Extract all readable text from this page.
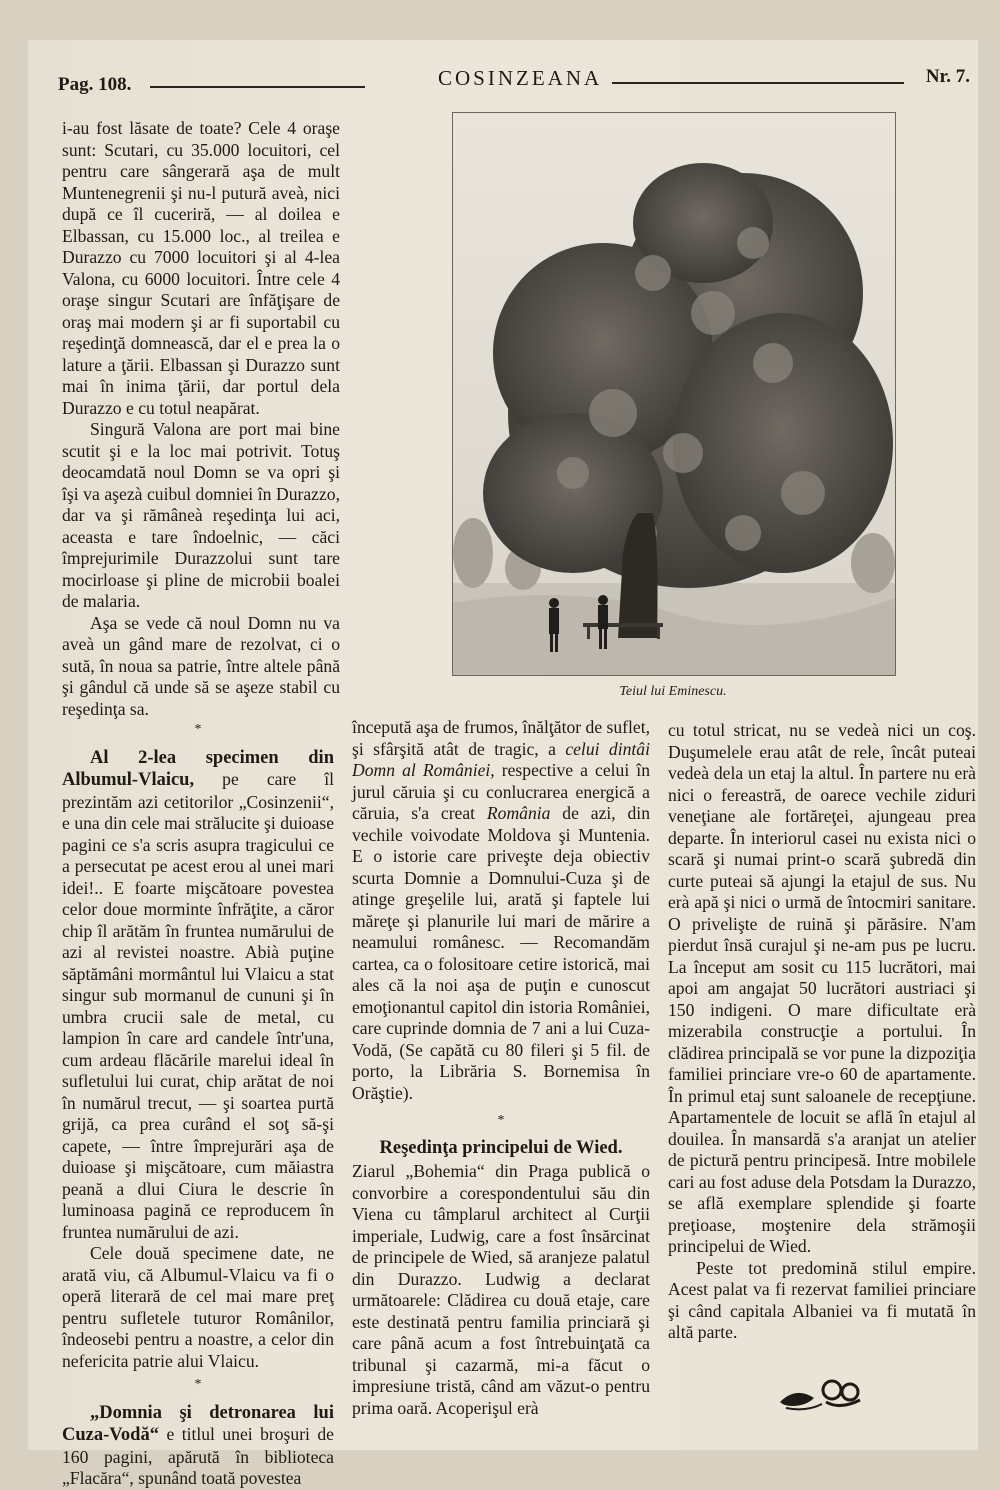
Pag. 108.	COSINZEANA	Nr. 7.

i-au fost lăsate de toate? Cele 4 oraşe sunt: Scutari, cu 35.000 locuitori, cel pentru care sângerară aşa de mult Muntenegrenii şi nu-l putură aveà, nici după ce îl cuceriră, — al doilea e Elbassan, cu 15.000 loc., al treilea e Durazzo cu 7000 locuitori şi al 4-lea Valona, cu 6000 locuitori. Între cele 4 oraşe singur Scutari are înfăţişare de oraş mai modern şi ar fi suportabil cu reşedinţă domnească, dar el e prea la o lature a ţării. Elbassan şi Durazzo sunt mai în inima ţării, dar portul dela Durazzo e cu totul neapărat.

Singură Valona are port mai bine scutit şi e la loc mai potrivit. Totuş deocamdată noul Domn se va opri şi îşi va aşezà cuibul domniei în Durazzo, dar va şi rămâneà reşedinţa lui aci, aceasta e tare îndoelnic, — căci împrejurimile Durazzolui sunt tare mocirloase şi pline de microbii boalei de malaria.

Aşa se vede că noul Domn nu va aveà un gând mare de rezolvat, ci o sută, în noua sa patrie, între altele până şi gândul că unde să se aşeze stabil cu reşedinţa sa.

Teiul lui Eminescu.
*

Al 2-lea specimen din Albumul-Vlaicu, pe care îl prezintăm azi cetitorilor „Cosinzenii“, e una din cele mai strălucite şi duioase pagini ce s'a scris asupra tragicului ce a persecutat pe acest erou al unei mari idei!.. E foarte mişcătoare povestea celor doue morminte înfrăţite, a căror chip îl arătăm în fruntea numărului de azi al revistei noastre. Abià puţine săptămâni mormântul lui Vlaicu a stat singur sub mormanul de cununi şi în umbra crucii sale de metal, cu lampion în care ard candele într'una, cum ardeau flăcările marelui ideal în sufletului lui curat, chip arătat de noi în numărul trecut, — şi soartea purtă grijă, ca prea curând el soţ să-şi capete, — între împrejurări aşa de duioase şi mişcătoare, cum măiastra peană a dlui Ciura le descrie în luminoasa pagină ce reproducem în fruntea numărului de azi.

Cele două specimene date, ne arată viu, că Albumul-Vlaicu va fi o operă literară de cel mai mare preţ pentru sufletele tuturor Românilor, îndeosebi pentru a noastre, a celor din nefericita patrie alui Vlaicu.

*

„Domnia şi detronarea lui Cuza-Vodă“ e titlul unei broşuri de 160 pagini, apărută în biblioteca „Flacăra“, spunând toată povestea

începută aşa de frumos, înălţător de suflet, şi sfârşită atât de tragic, a celui dintâi Domn al României, respective a celui în jurul căruia şi cu conlucrarea energică a căruia, s'a creat România de azi, din vechile voivodate Moldova şi Muntenia. E o istorie care priveşte deja obiectiv scurta Domnie a Domnului-Cuza şi de atinge greşelile lui, arată şi faptele lui măreţe şi planurile lui mari de mărire a neamului românesc. — Recomandăm cartea, ca o folositoare cetire istorică, mai ales că la noi aşa de puţin e cunoscut emoţionantul capitol din istoria României, care cuprinde domnia de 7 ani a lui Cuza-Vodă, (Se capătă cu 80 fileri şi 5 fil. de porto, la Librăria S. Bornemisa în Orăştie).

*
Reşedinţa principelui de Wied.

Ziarul „Bohemia“ din Praga publică o convorbire a corespondentului său din Viena cu tâmplarul architect al Curţii imperiale, Ludwig, care a fost însărcinat de principele de Wied, să aranjeze palatul din Durazzo. Ludwig a declarat următoarele: Clădirea cu două etaje, care este destinată pentru familia princiară şi care până acum a fost întrebuinţată ca tribunal şi cazarmă, mi-a făcut o impresiune tristă, când am văzut-o pentru prima oară. Acoperişul erà

cu totul stricat, nu se vedeà nici un coş. Duşumelele erau atât de rele, încât puteai vedeà dela un etaj la altul. În partere nu erà nici o fereastră, de oarece vechile ziduri veneţiane ale fortăreţei, ajungeau prea departe. În interiorul casei nu exista nici o scară şi numai print-o scară şubredă din curte puteai să ajungi la etajul de sus. Nu erà apă şi nici o urmă de întocmiri sanitare. O privelişte de ruină şi părăsire. N'am pierdut însă curajul şi ne-am pus pe lucru. La început am sosit cu 115 lucrători, mai apoi am angajat 50 lucrători austriaci şi 150 indigeni. O mare dificultate erà mizerabila construcţie a portului. În clădirea principală se vor pune la dizpoziţia familiei princiare vre-o 60 de apartamente. În primul etaj sunt saloanele de recepţiune. Apartamentele de locuit se află în etajul al douilea. În mansardă s'a aranjat un atelier de pictură pentru principesă. Intre mobilele cari au fost aduse dela Potsdam la Durazzo, se află exemplare splendide şi foarte preţioase, moştenire dela strămoşii principelui de Wied.

Peste tot predomină stilul empire. Acest palat va fi rezervat familiei princiare şi când capitala Albaniei va fi mutată în altă parte.
